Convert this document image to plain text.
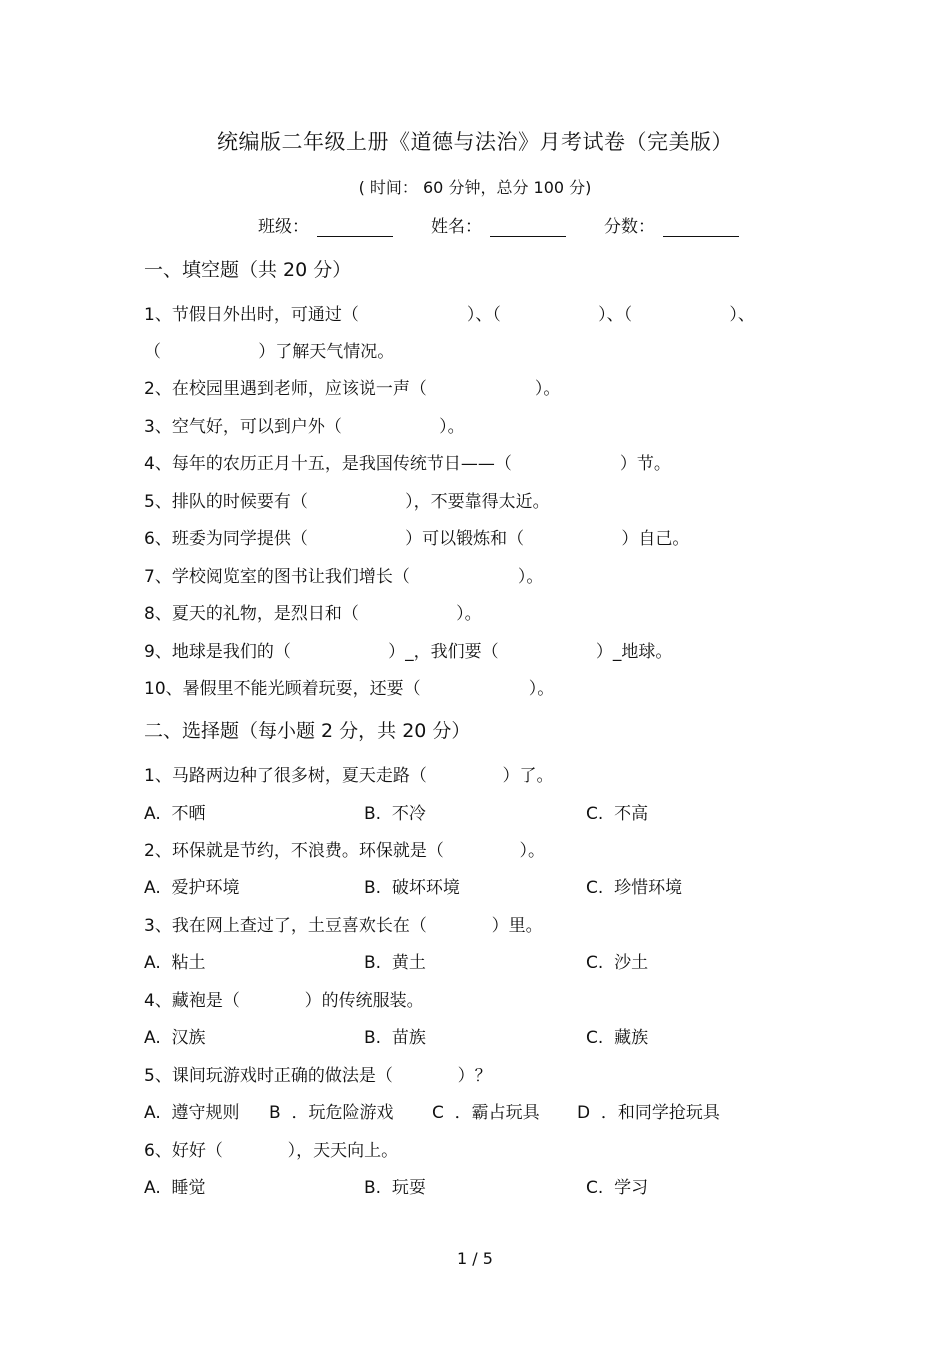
统编版二年级上册《道德与法治》月考试卷（完美版）
( 时间： 60 分钟，总分 100 分)
班级：	姓名：	分数：
一、填空题（共 20 分）
1、节假日外出时，可通过（                    ）、（                  ）、（                  ）、
（                  ）了解天气情况。
2、在校园里遇到老师，应该说一声（                    ）。
3、空气好，可以到户外（                  ）。
4、每年的农历正月十五，是我国传统节日——（                    ）节。
5、排队的时候要有（                  ），不要靠得太近。
6、班委为同学提供（                  ）可以锻炼和（                  ）自己。
7、学校阅览室的图书让我们增长（                    ）。
8、夏天的礼物，是烈日和（                  ）。
9、地球是我们的（                  ）_，我们要（                  ）_地球。
10、暑假里不能光顾着玩耍，还要（                    ）。
二、选择题（每小题 2 分，共 20 分）
1、马路两边种了很多树，夏天走路（              ）了。
A.  不晒	B.  不冷	C.  不高
2、环保就是节约，不浪费。环保就是（              ）。
A.  爱护环境	B.  破坏环境	C.  珍惜环境
3、我在网上查过了，土豆喜欢长在（            ）里。
A.  粘土	B.  黄土	C.  沙土
4、藏袍是（            ）的传统服装。
A.  汉族	B.  苗族	C.  藏族
5、课间玩游戏时正确的做法是（            ）？
A.  遵守规则 B  ．玩危险游戏 C  ．霸占玩具 D  ．和同学抢玩具
6、好好（            ），天天向上。
A.  睡觉	B.  玩耍	C.  学习
1 / 5
